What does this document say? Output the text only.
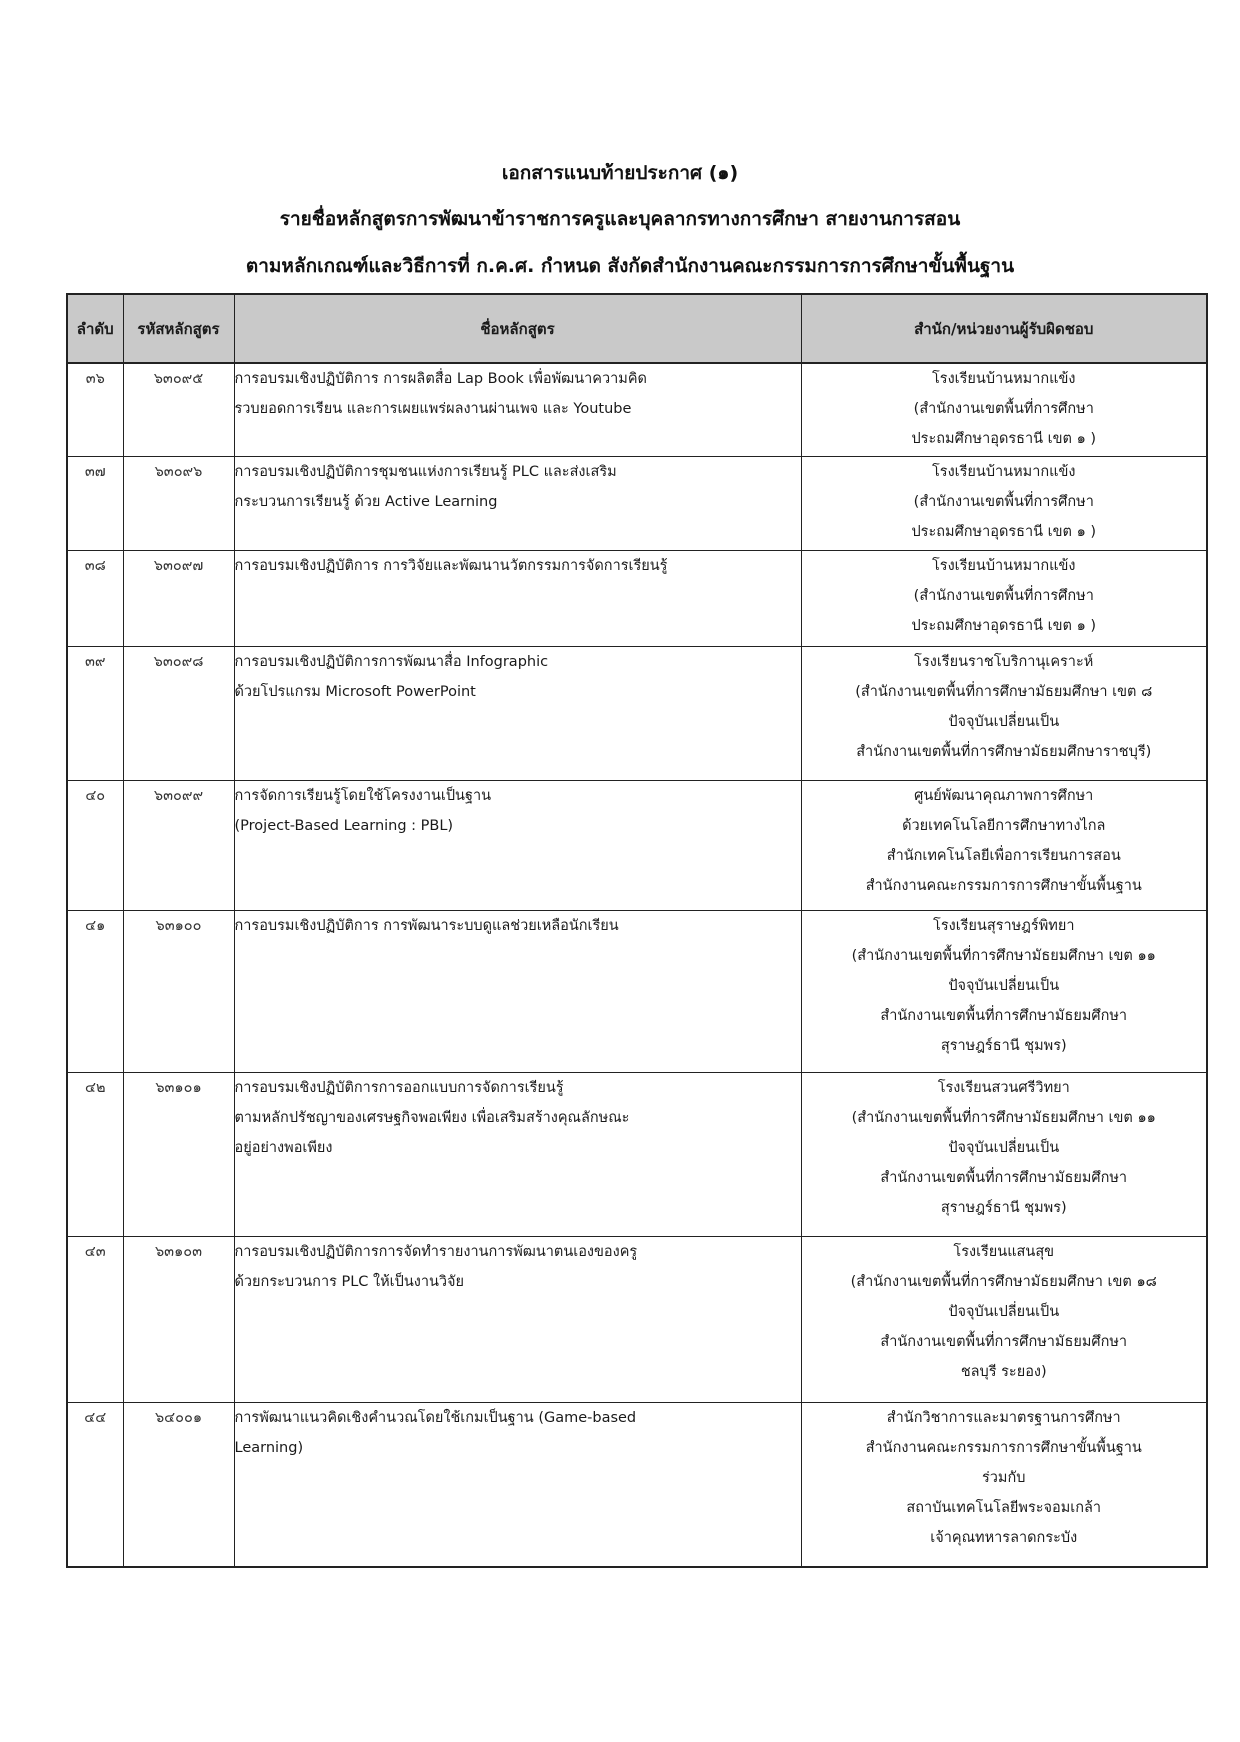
เอกสารแนบท้ายประกาศ (๑)
รายชื่อหลักสูตรการพัฒนาข้าราชการครูและบุคลากรทางการศึกษา สายงานการสอน
ตามหลักเกณฑ์และวิธีการที่ ก.ค.ศ. กำหนด สังกัดสำนักงานคณะกรรมการการศึกษาขั้นพื้นฐาน
ลำดับ	รหัสหลักสูตร	ชื่อหลักสูตร	สำนัก/หน่วยงานผู้รับผิดชอบ
๓๖	๖๓๐๙๕	การอบรมเชิงปฏิบัติการ การผลิตสื่อ Lap Book เพื่อพัฒนาความคิด
รวบยอดการเรียน และการเผยแพร่ผลงานผ่านเพจ และ Youtube	โรงเรียนบ้านหมากแข้ง
(สำนักงานเขตพื้นที่การศึกษา
ประถมศึกษาอุดรธานี เขต ๑ )

๓๗	๖๓๐๙๖	การอบรมเชิงปฏิบัติการชุมชนแห่งการเรียนรู้ PLC และส่งเสริม
กระบวนการเรียนรู้ ด้วย Active Learning	โรงเรียนบ้านหมากแข้ง
(สำนักงานเขตพื้นที่การศึกษา
ประถมศึกษาอุดรธานี เขต ๑ )

๓๘	๖๓๐๙๗	การอบรมเชิงปฏิบัติการ การวิจัยและพัฒนานวัตกรรมการจัดการเรียนรู้	โรงเรียนบ้านหมากแข้ง
(สำนักงานเขตพื้นที่การศึกษา
ประถมศึกษาอุดรธานี เขต ๑ )

๓๙	๖๓๐๙๘	การอบรมเชิงปฏิบัติการการพัฒนาสื่อ Infographic
ด้วยโปรแกรม Microsoft PowerPoint	โรงเรียนราชโบริกานุเคราะห์
(สำนักงานเขตพื้นที่การศึกษามัธยมศึกษา เขต ๘
ปัจจุบันเปลี่ยนเป็น
สำนักงานเขตพื้นที่การศึกษามัธยมศึกษาราชบุรี)

๔๐	๖๓๐๙๙	การจัดการเรียนรู้โดยใช้โครงงานเป็นฐาน
(Project-Based Learning : PBL)	ศูนย์พัฒนาคุณภาพการศึกษา
ด้วยเทคโนโลยีการศึกษาทางไกล
สำนักเทคโนโลยีเพื่อการเรียนการสอน
สำนักงานคณะกรรมการการศึกษาขั้นพื้นฐาน

๔๑	๖๓๑๐๐	การอบรมเชิงปฏิบัติการ การพัฒนาระบบดูแลช่วยเหลือนักเรียน	โรงเรียนสุราษฎร์พิทยา
(สำนักงานเขตพื้นที่การศึกษามัธยมศึกษา เขต ๑๑
ปัจจุบันเปลี่ยนเป็น
สำนักงานเขตพื้นที่การศึกษามัธยมศึกษา
สุราษฎร์ธานี ชุมพร)

๔๒	๖๓๑๐๑	การอบรมเชิงปฏิบัติการการออกแบบการจัดการเรียนรู้
ตามหลักปรัชญาของเศรษฐกิจพอเพียง เพื่อเสริมสร้างคุณลักษณะ
อยู่อย่างพอเพียง	โรงเรียนสวนศรีวิทยา
(สำนักงานเขตพื้นที่การศึกษามัธยมศึกษา เขต ๑๑
ปัจจุบันเปลี่ยนเป็น
สำนักงานเขตพื้นที่การศึกษามัธยมศึกษา
สุราษฎร์ธานี ชุมพร)

๔๓	๖๓๑๐๓	การอบรมเชิงปฏิบัติการการจัดทำรายงานการพัฒนาตนเองของครู
ด้วยกระบวนการ PLC ให้เป็นงานวิจัย	โรงเรียนแสนสุข
(สำนักงานเขตพื้นที่การศึกษามัธยมศึกษา เขต ๑๘
ปัจจุบันเปลี่ยนเป็น
สำนักงานเขตพื้นที่การศึกษามัธยมศึกษา
ชลบุรี ระยอง)

๔๔	๖๔๐๐๑	การพัฒนาแนวคิดเชิงคำนวณโดยใช้เกมเป็นฐาน (Game-based
Learning)	สำนักวิชาการและมาตรฐานการศึกษา
สำนักงานคณะกรรมการการศึกษาขั้นพื้นฐาน
ร่วมกับ
สถาบันเทคโนโลยีพระจอมเกล้า
เจ้าคุณทหารลาดกระบัง
